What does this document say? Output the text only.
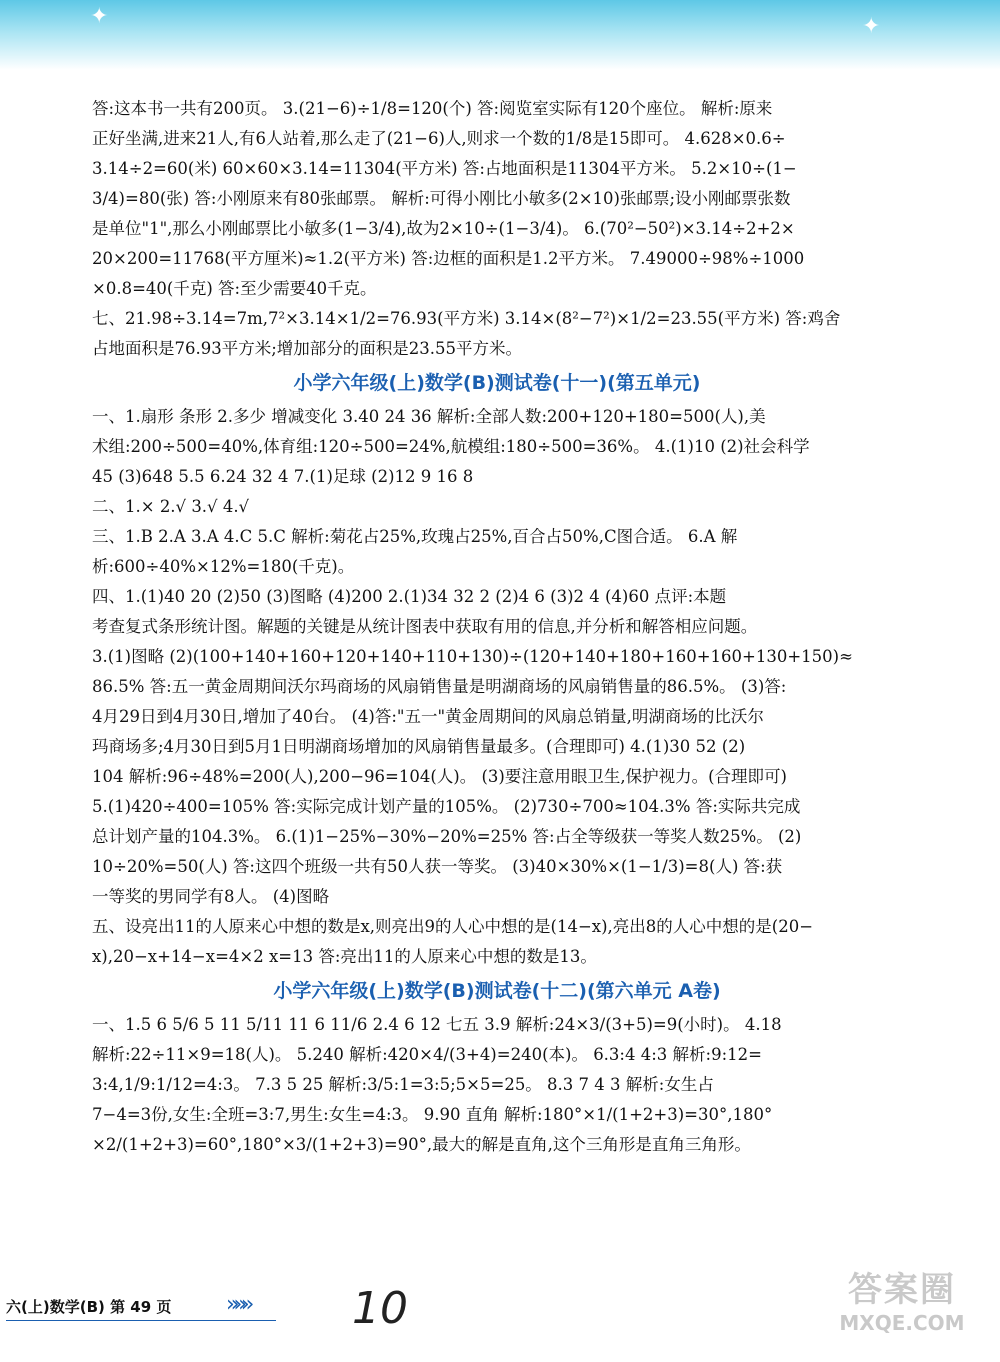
✦	✦

答:这本书一共有200页。 3.(21−6)÷1/8=120(个) 答:阅览室实际有120个座位。 解析:原来

正好坐满,进来21人,有6人站着,那么走了(21−6)人,则求一个数的1/8是15即可。 4.628×0.6÷

3.14÷2=60(米) 60×60×3.14=11304(平方米) 答:占地面积是11304平方米。 5.2×10÷(1−

3/4)=80(张) 答:小刚原来有80张邮票。 解析:可得小刚比小敏多(2×10)张邮票;设小刚邮票张数

是单位"1",那么小刚邮票比小敏多(1−3/4),故为2×10÷(1−3/4)。 6.(70²−50²)×3.14÷2+2×

20×200=11768(平方厘米)≈1.2(平方米) 答:边框的面积是1.2平方米。 7.49000÷98%÷1000

×0.8=40(千克) 答:至少需要40千克。

七、21.98÷3.14=7m,7²×3.14×1/2=76.93(平方米) 3.14×(8²−7²)×1/2=23.55(平方米) 答:鸡舍

占地面积是76.93平方米;增加部分的面积是23.55平方米。

小学六年级(上)数学(B)测试卷(十一)(第五单元)

一、1.扇形 条形 2.多少 增减变化 3.40 24 36 解析:全部人数:200+120+180=500(人),美

术组:200÷500=40%,体育组:120÷500=24%,航模组:180÷500=36%。 4.(1)10 (2)社会科学

45 (3)648 5.5 6.24 32 4 7.(1)足球 (2)12 9 16 8

二、1.× 2.√ 3.√ 4.√

三、1.B 2.A 3.A 4.C 5.C 解析:菊花占25%,玫瑰占25%,百合占50%,C图合适。 6.A 解

析:600÷40%×12%=180(千克)。

四、1.(1)40 20 (2)50 (3)图略 (4)200 2.(1)34 32 2 (2)4 6 (3)2 4 (4)60 点评:本题

考查复式条形统计图。解题的关键是从统计图表中获取有用的信息,并分析和解答相应问题。

3.(1)图略 (2)(100+140+160+120+140+110+130)÷(120+140+180+160+160+130+150)≈

86.5% 答:五一黄金周期间沃尔玛商场的风扇销售量是明湖商场的风扇销售量的86.5%。 (3)答:

4月29日到4月30日,增加了40台。 (4)答:"五一"黄金周期间的风扇总销量,明湖商场的比沃尔

玛商场多;4月30日到5月1日明湖商场增加的风扇销售量最多。(合理即可) 4.(1)30 52 (2)

104 解析:96÷48%=200(人),200−96=104(人)。 (3)要注意用眼卫生,保护视力。(合理即可)

5.(1)420÷400=105% 答:实际完成计划产量的105%。 (2)730÷700≈104.3% 答:实际共完成

总计划产量的104.3%。 6.(1)1−25%−30%−20%=25% 答:占全等级获一等奖人数25%。 (2)

10÷20%=50(人) 答:这四个班级一共有50人获一等奖。 (3)40×30%×(1−1/3)=8(人) 答:获

一等奖的男同学有8人。 (4)图略

五、设亮出11的人原来心中想的数是x,则亮出9的人心中想的是(14−x),亮出8的人心中想的是(20−

x),20−x+14−x=4×2 x=13 答:亮出11的人原来心中想的数是13。

小学六年级(上)数学(B)测试卷(十二)(第六单元 A卷)

一、1.5 6 5/6 5 11 5/11 11 6 11/6 2.4 6 12 七五 3.9 解析:24×3/(3+5)=9(小时)。 4.18

解析:22÷11×9=18(人)。 5.240 解析:420×4/(3+4)=240(本)。 6.3:4 4:3 解析:9:12=

3:4,1/9:1/12=4:3。 7.3 5 25 解析:3/5:1=3:5;5×5=25。 8.3 7 4 3 解析:女生占

7−4=3份,女生:全班=3:7,男生:女生=4:3。 9.90 直角 解析:180°×1/(1+2+3)=30°,180°

×2/(1+2+3)=60°,180°×3/(1+2+3)=90°,最大的解是直角,这个三角形是直角三角形。

六(上)数学(B) 第 49 页 »»» 10	答案圈
MXQE.COM
